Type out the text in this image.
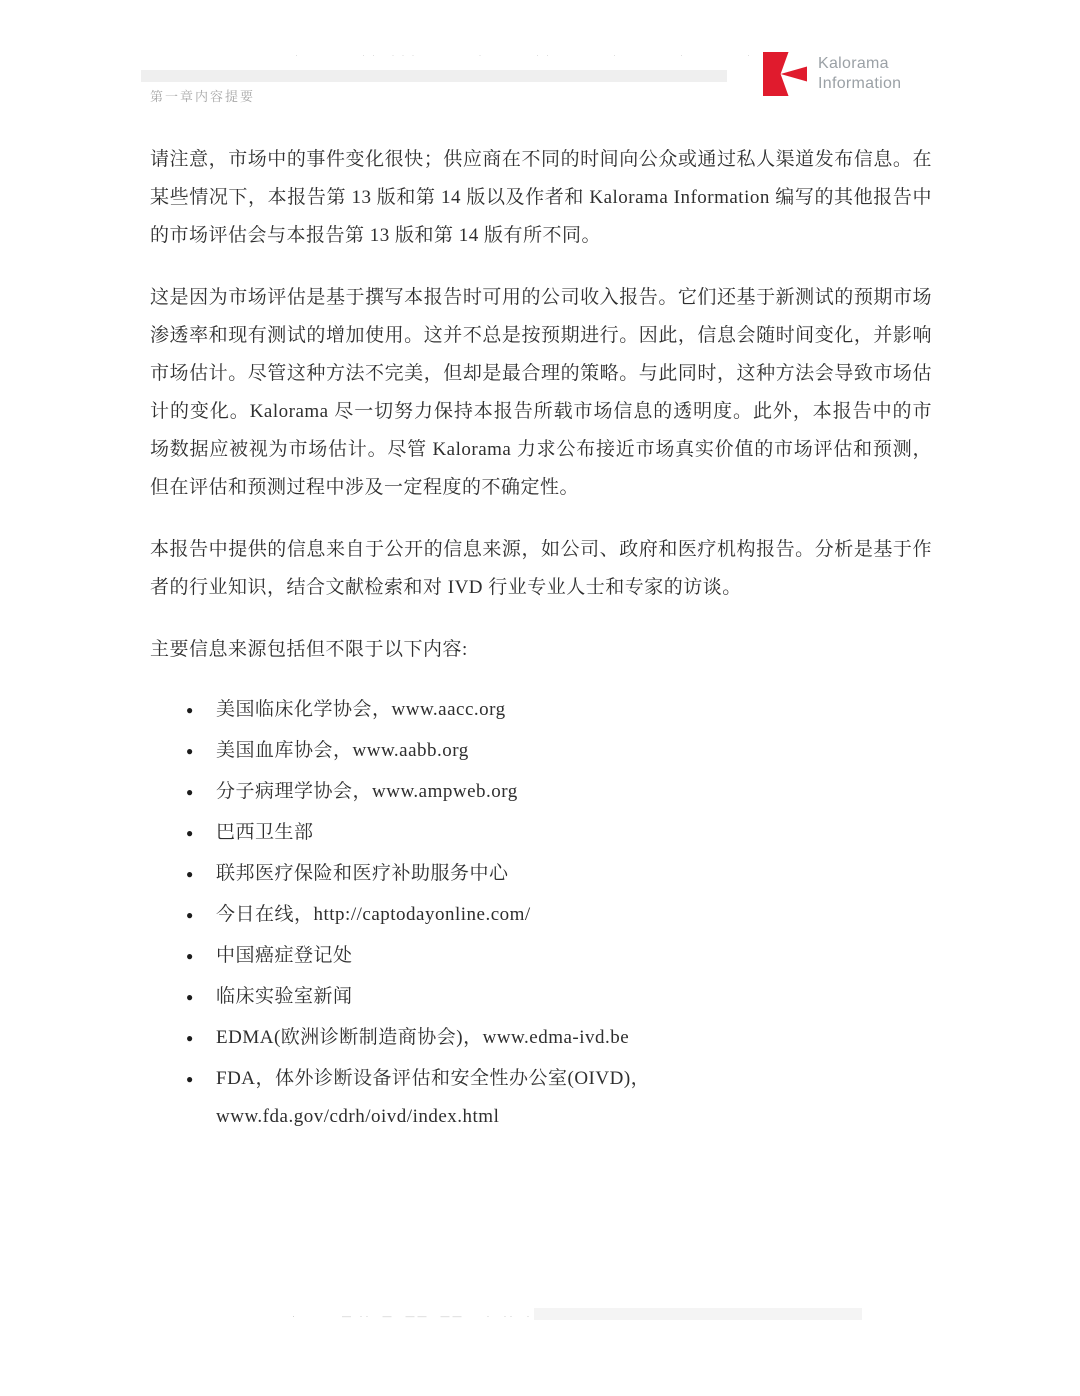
·      ·· ···      ·     ··      ·      ·      ·
第一章内容提要
Kalorama
Information

请注意，市场中的事件变化很快；供应商在不同的时间向公众或通过私人渠道发布信息。在某些情况下，本报告第 13 版和第 14 版以及作者和 Kalorama Information 编写的其他报告中的市场评估会与本报告第 13 版和第 14 版有所不同。

这是因为市场评估是基于撰写本报告时可用的公司收入报告。它们还基于新测试的预期市场渗透率和现有测试的增加使用。这并不总是按预期进行。因此，信息会随时间变化，并影响市场估计。尽管这种方法不完美，但却是最合理的策略。与此同时，这种方法会导致市场估计的变化。Kalorama 尽一切努力保持本报告所载市场信息的透明度。此外，本报告中的市场数据应被视为市场估计。尽管 Kalorama 力求公布接近市场真实价值的市场评估和预测，但在评估和预测过程中涉及一定程度的不确定性。

本报告中提供的信息来自于公开的信息来源，如公司、政府和医疗机构报告。分析是基于作者的行业知识，结合文献检索和对 IVD 行业专业人士和专家的访谈。

主要信息来源包括但不限于以下内容:

● 美国临床化学协会，www.aacc.org
● 美国血库协会，www.aabb.org
● 分子病理学协会，www.ampweb.org
● 巴西卫生部
● 联邦医疗保险和医疗补助服务中心
● 今日在线，http://captodayonline.com/
● 中国癌症登记处
● 临床实验室新闻
● EDMA(欧洲诊断制造商协会)，www.edma-ivd.be
● FDA，体外诊断设备评估和安全性办公室(OIVD)，www.fda.gov/cdrh/oivd/index.html
·        ― ··  ―  ――  ――    ·  ··  ·
